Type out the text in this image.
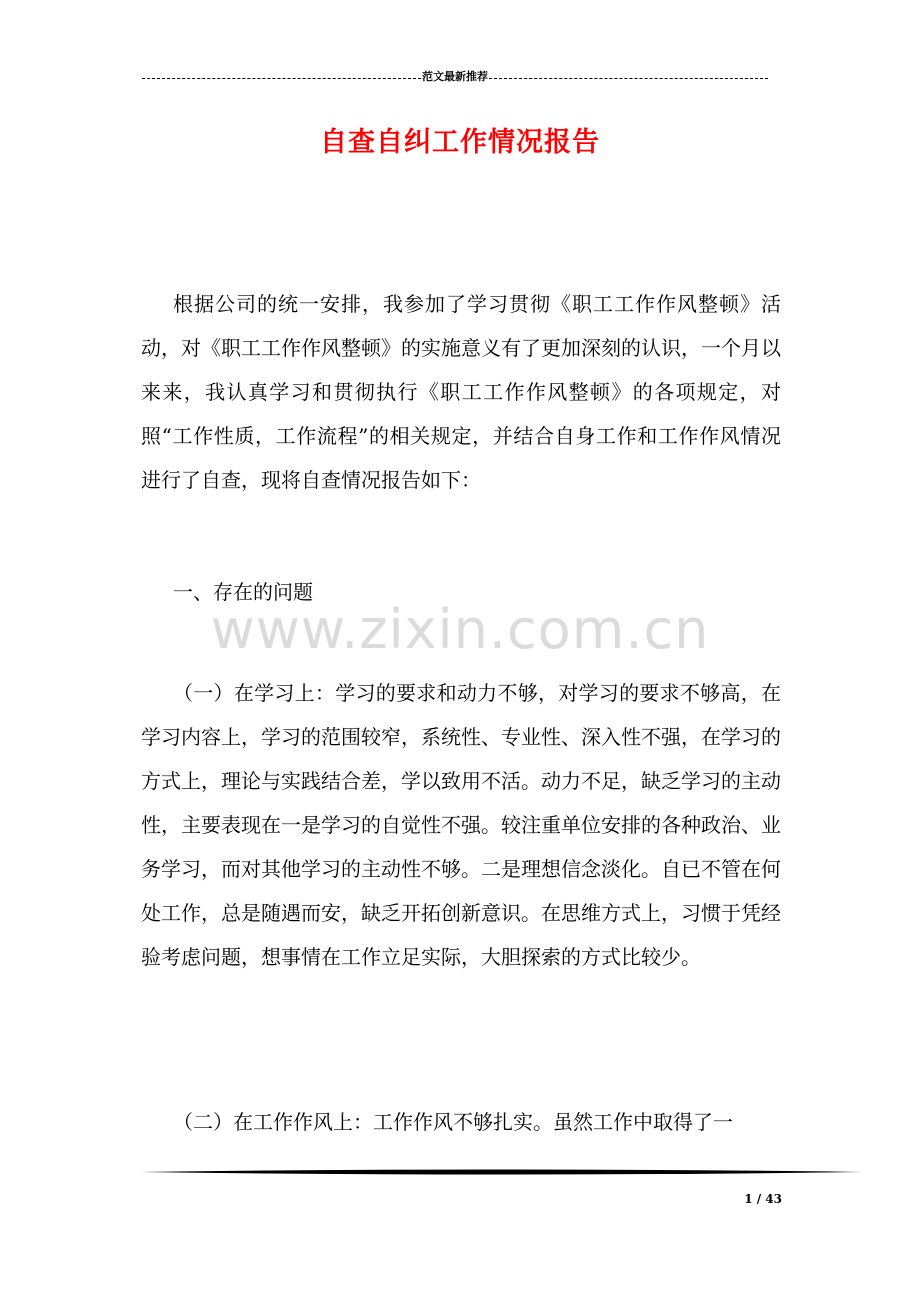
范文最新推荐
自查自纠工作情况报告

根据公司的统一安排，我参加了学习贯彻《职工工作作风整顿》活动，对《职工工作作风整顿》的实施意义有了更加深刻的认识，一个月以来来，我认真学习和贯彻执行《职工工作作风整顿》的各项规定，对照“工作性质，工作流程”的相关规定，并结合自身工作和工作作风情况进行了自查，现将自查情况报告如下：

一、存在的问题

（一）在学习上：学习的要求和动力不够，对学习的要求不够高，在学习内容上，学习的范围较窄，系统性、专业性、深入性不强，在学习的方式上，理论与实践结合差，学以致用不活。动力不足，缺乏学习的主动性，主要表现在一是学习的自觉性不强。较注重单位安排的各种政治、业务学习，而对其他学习的主动性不够。二是理想信念淡化。自已不管在何处工作，总是随遇而安，缺乏开拓创新意识。在思维方式上，习惯于凭经验考虑问题，想事情在工作立足实际，大胆探索的方式比较少。

（二）在工作作风上：工作作风不够扎实。虽然工作中取得了一

www.zixin.com.cn
1 / 43
